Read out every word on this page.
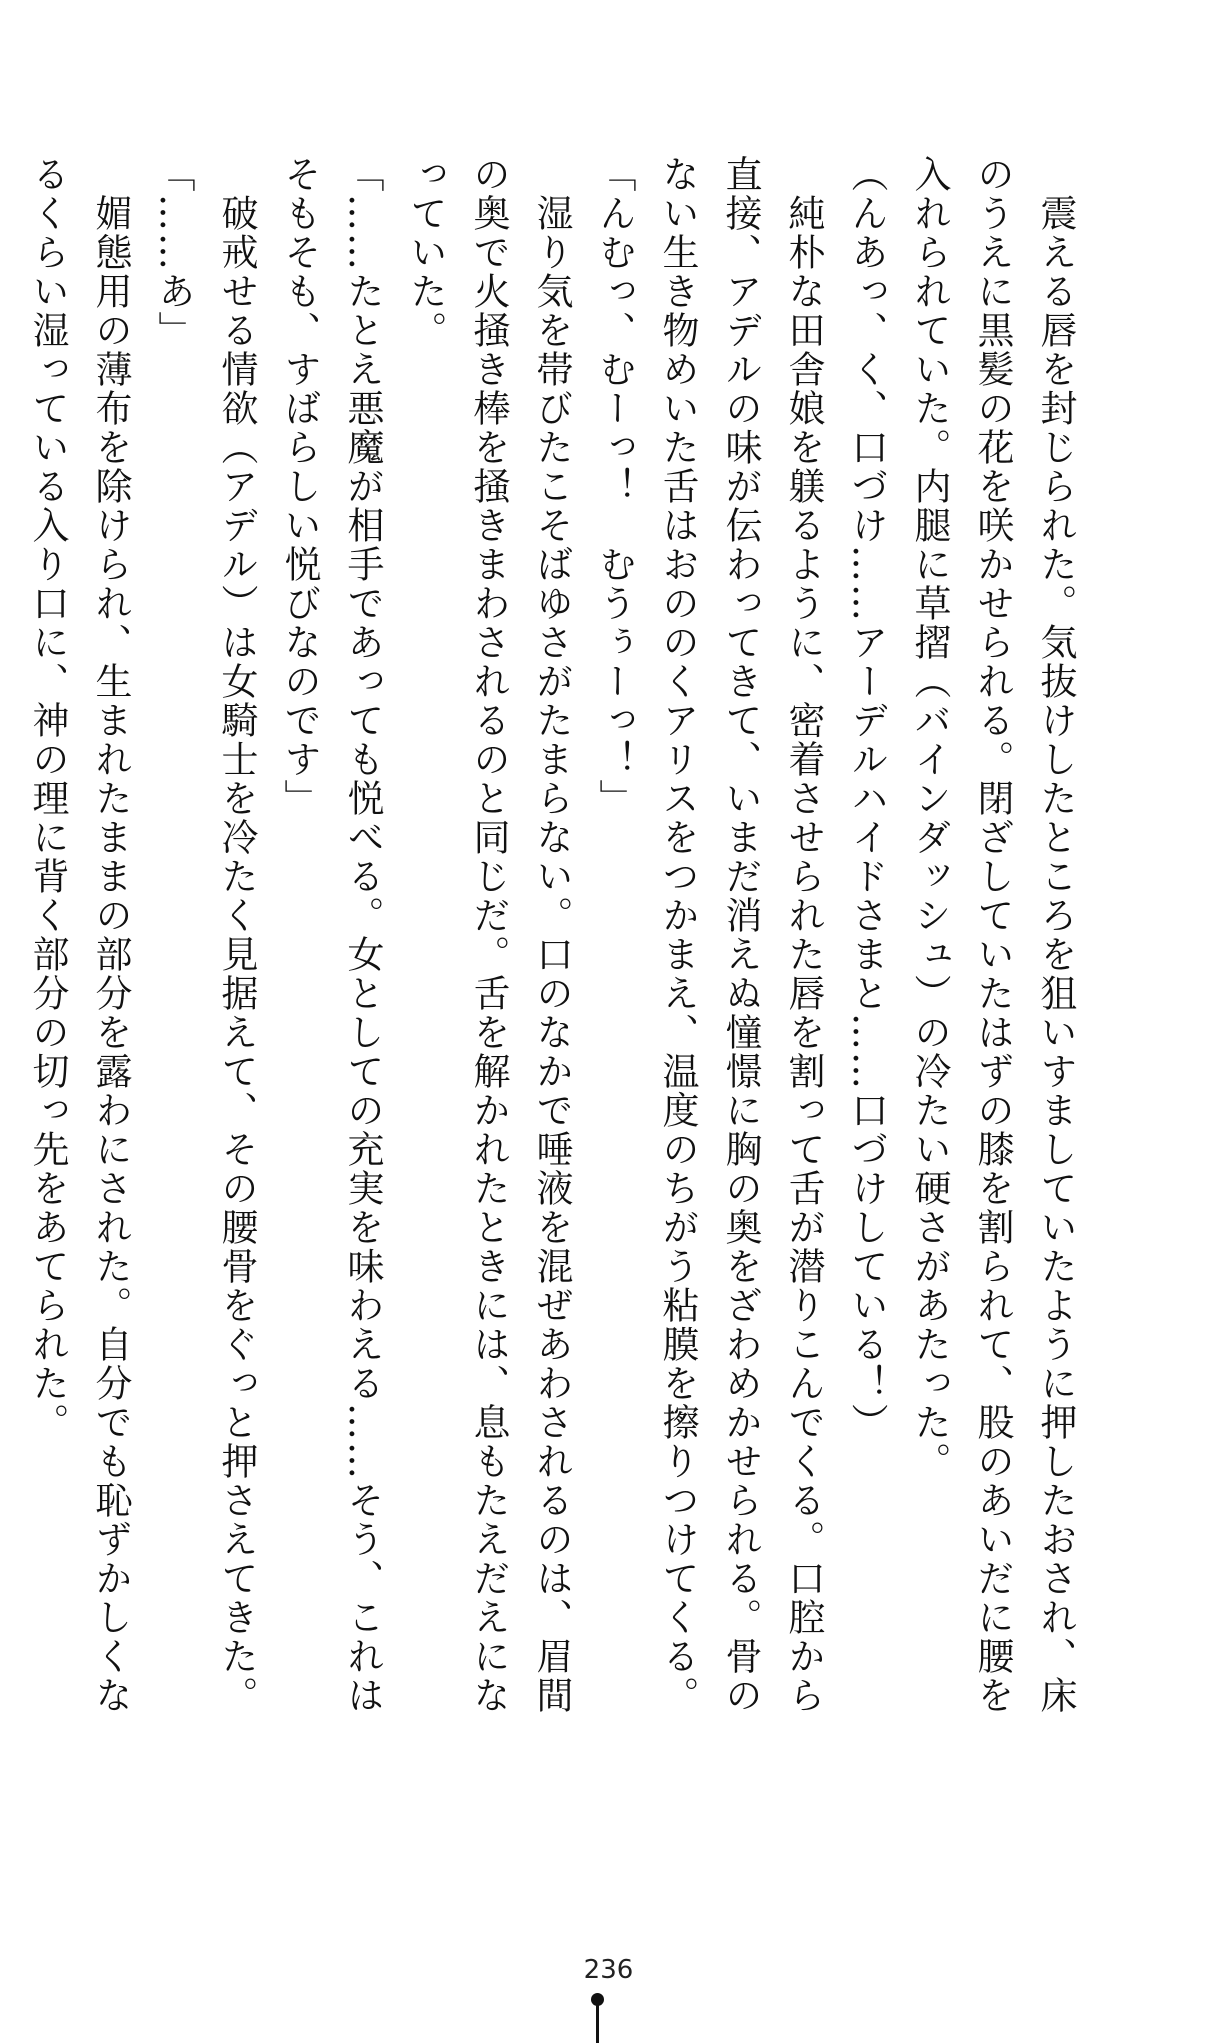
　震える唇を封じられた。気抜けしたところを狙いすましていたように押したおされ、床
のうえに黒髪の花を咲かせられる。閉ざしていたはずの膝を割られて、股のあいだに腰を
入れられていた。内腿に草摺（バインダッシュ）の冷たい硬さがあたった。
（んあっ、く、口づけ……アーデルハイドさまと……口づけしている！）
　純朴な田舎娘を躾るように、密着させられた唇を割って舌が潜りこんでくる。口腔から
直接、アデルの味が伝わってきて、いまだ消えぬ憧憬に胸の奥をざわめかせられる。骨の
ない生き物めいた舌はおののくアリスをつかまえ、温度のちがう粘膜を擦りつけてくる。
「んむっ、むーっ！　むうぅーっ！」
　湿り気を帯びたこそばゆさがたまらない。口のなかで唾液を混ぜあわされるのは、眉間
の奥で火掻き棒を掻きまわされるのと同じだ。舌を解かれたときには、息もたえだえにな
っていた。
「……たとえ悪魔が相手であっても悦べる。女としての充実を味わえる……そう、これは
そもそも、すばらしい悦びなのです」
　破戒せる情欲（アデル）は女騎士を冷たく見据えて、その腰骨をぐっと押さえてきた。
「……あ」
　媚態用の薄布を除けられ、生まれたままの部分を露わにされた。自分でも恥ずかしくな
るくらい湿っている入り口に、神の理に背く部分の切っ先をあてられた。
236
